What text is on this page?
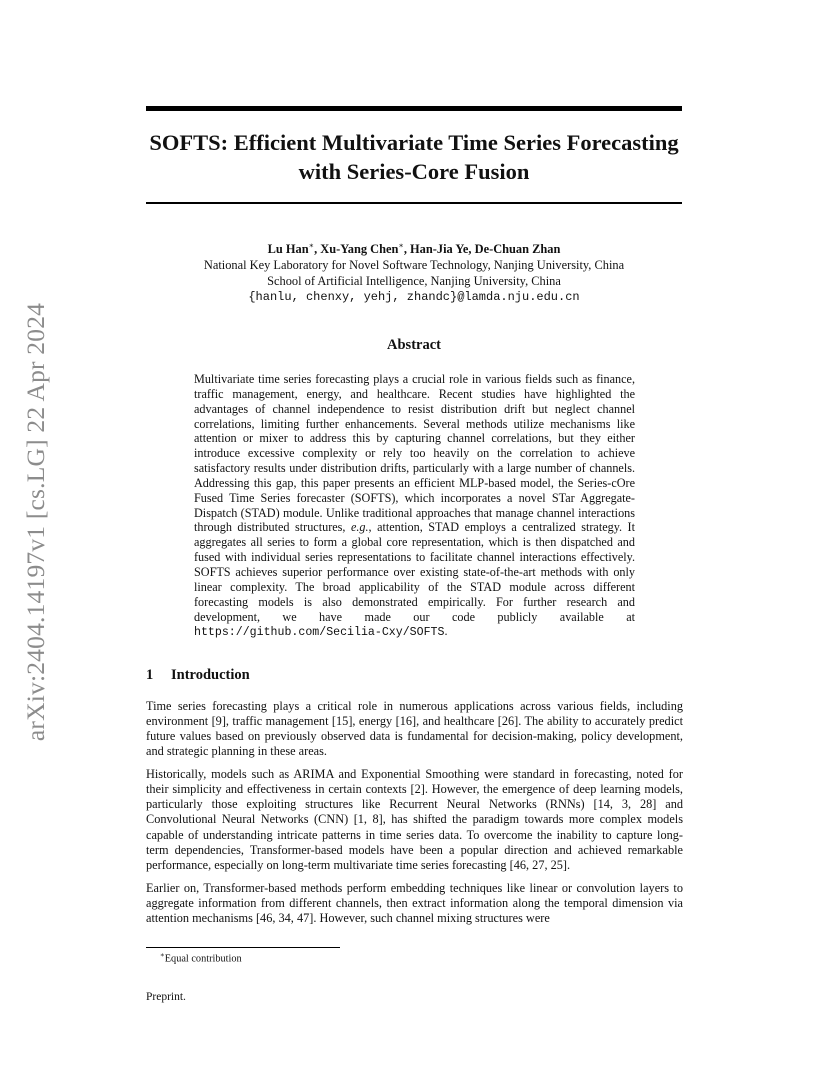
arXiv:2404.14197v1 [cs.LG] 22 Apr 2024
SOFTS: Efficient Multivariate Time Series Forecasting
with Series-Core Fusion
Lu Han∗, Xu-Yang Chen∗, Han-Jia Ye, De-Chuan Zhan
National Key Laboratory for Novel Software Technology, Nanjing University, China
School of Artificial Intelligence, Nanjing University, China
{hanlu, chenxy, yehj, zhandc}@lamda.nju.edu.cn
Abstract
Multivariate time series forecasting plays a crucial role in various fields such as finance, traffic management, energy, and healthcare. Recent studies have highlighted the advantages of channel independence to resist distribution drift but neglect channel correlations, limiting further enhancements. Several methods utilize mechanisms like attention or mixer to address this by capturing channel correlations, but they either introduce excessive complexity or rely too heavily on the correlation to achieve satisfactory results under distribution drifts, particularly with a large number of channels. Addressing this gap, this paper presents an efficient MLP-based model, the Series-cOre Fused Time Series forecaster (SOFTS), which incorporates a novel STar Aggregate-Dispatch (STAD) module. Unlike traditional approaches that manage channel interactions through distributed structures, e.g., attention, STAD employs a centralized strategy. It aggregates all series to form a global core representation, which is then dispatched and fused with individual series representations to facilitate channel interactions effectively. SOFTS achieves superior performance over existing state-of-the-art methods with only linear complexity. The broad applicability of the STAD module across different forecasting models is also demonstrated empirically. For further research and development, we have made our code publicly available at https://github.com/Secilia-Cxy/SOFTS.
1 Introduction

Time series forecasting plays a critical role in numerous applications across various fields, including environment [9], traffic management [15], energy [16], and healthcare [26]. The ability to accurately predict future values based on previously observed data is fundamental for decision-making, policy development, and strategic planning in these areas.

Historically, models such as ARIMA and Exponential Smoothing were standard in forecasting, noted for their simplicity and effectiveness in certain contexts [2]. However, the emergence of deep learning models, particularly those exploiting structures like Recurrent Neural Networks (RNNs) [14, 3, 28] and Convolutional Neural Networks (CNN) [1, 8], has shifted the paradigm towards more complex models capable of understanding intricate patterns in time series data. To overcome the inability to capture long-term dependencies, Transformer-based models have been a popular direction and achieved remarkable performance, especially on long-term multivariate time series forecasting [46, 27, 25].

Earlier on, Transformer-based methods perform embedding techniques like linear or convolution layers to aggregate information from different channels, then extract information along the temporal dimension via attention mechanisms [46, 34, 47]. However, such channel mixing structures were

∗Equal contribution
Preprint.
